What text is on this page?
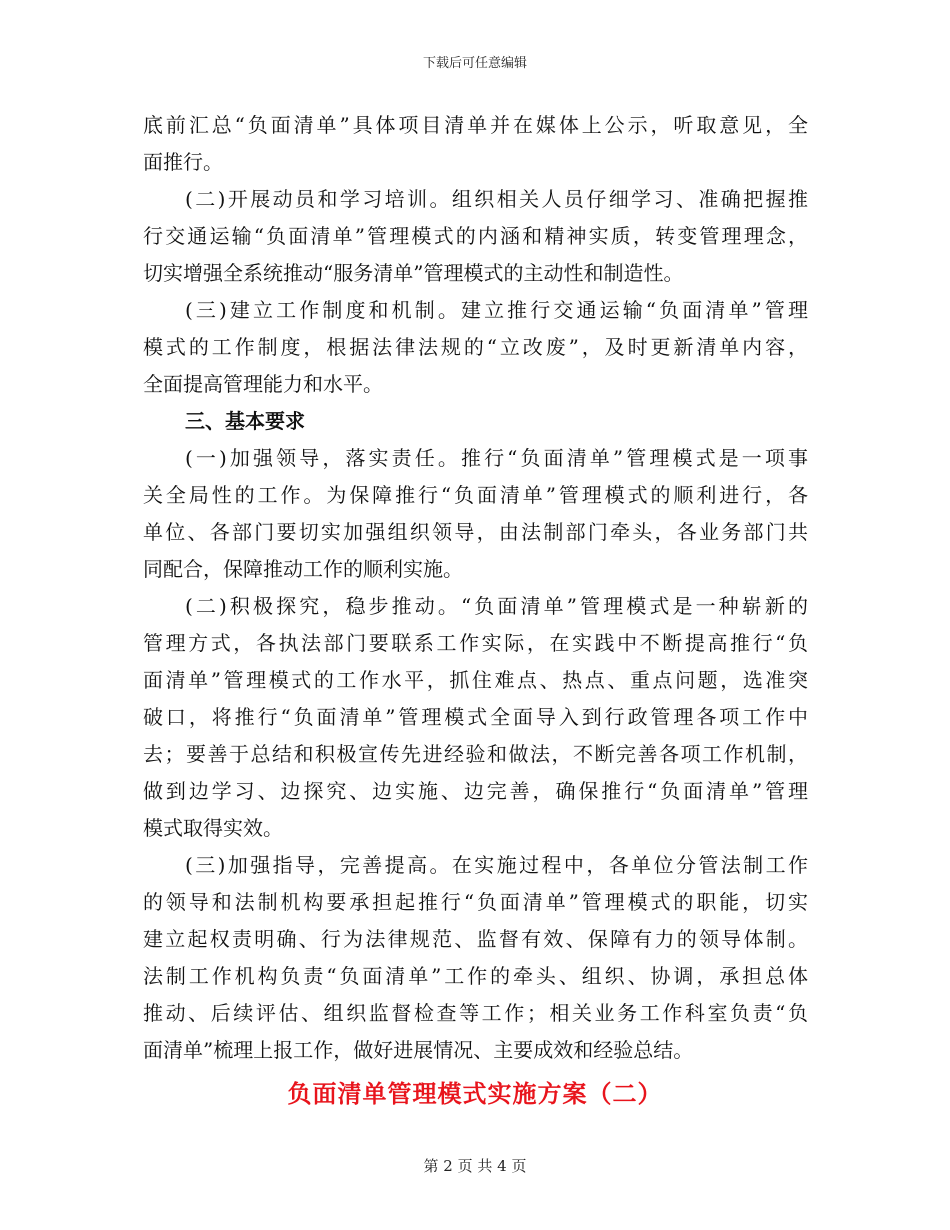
下载后可任意编辑
底前汇总“负面清单”具体项目清单并在媒体上公示，听取意见，全
面推行。
(二)开展动员和学习培训。组织相关人员仔细学习、准确把握推
行交通运输“负面清单”管理模式的内涵和精神实质，转变管理理念，
切实增强全系统推动“服务清单”管理模式的主动性和制造性。
(三)建立工作制度和机制。建立推行交通运输“负面清单”管理
模式的工作制度，根据法律法规的“立改废”，及时更新清单内容，
全面提高管理能力和水平。
三、基本要求
(一)加强领导，落实责任。推行“负面清单”管理模式是一项事
关全局性的工作。为保障推行“负面清单”管理模式的顺利进行，各
单位、各部门要切实加强组织领导，由法制部门牵头，各业务部门共
同配合，保障推动工作的顺利实施。
(二)积极探究，稳步推动。“负面清单”管理模式是一种崭新的
管理方式，各执法部门要联系工作实际，在实践中不断提高推行“负
面清单”管理模式的工作水平，抓住难点、热点、重点问题，选准突
破口，将推行“负面清单”管理模式全面导入到行政管理各项工作中
去；要善于总结和积极宣传先进经验和做法，不断完善各项工作机制，
做到边学习、边探究、边实施、边完善，确保推行“负面清单”管理
模式取得实效。
(三)加强指导，完善提高。在实施过程中，各单位分管法制工作
的领导和法制机构要承担起推行“负面清单”管理模式的职能，切实
建立起权责明确、行为法律规范、监督有效、保障有力的领导体制。
法制工作机构负责“负面清单”工作的牵头、组织、协调，承担总体
推动、后续评估、组织监督检查等工作；相关业务工作科室负责“负
面清单”梳理上报工作，做好进展情况、主要成效和经验总结。
负面清单管理模式实施方案（二）
第 2 页 共 4 页
